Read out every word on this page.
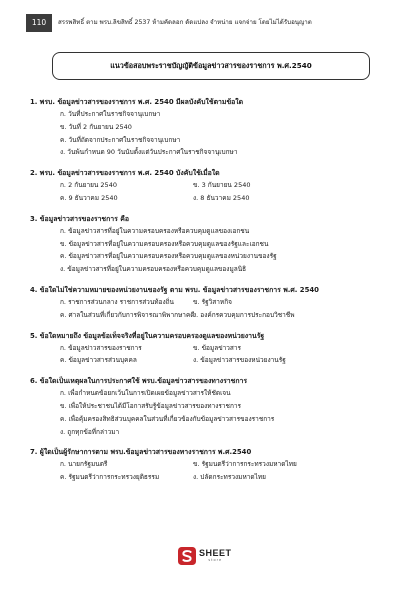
110	สรรพสิทธิ์ ตาม พรบ.ลิขสิทธิ์ 2537 ห้ามคัดลอก ดัดแปลง จำหน่าย แจกจ่าย โดยไม่ได้รับอนุญาต
แนวข้อสอบพระราชบัญญัติข้อมูลข่าวสารของราชการ พ.ศ.2540
1. พรบ. ข้อมูลข่าวสารของราชการ พ.ศ. 2540 มีผลบังคับใช้ตามข้อใด
ก. วันที่ประกาศในราชกิจจานุเบกษา
ข. วันที่ 2 กันยายน 2540
ค. วันที่ถัดจากประกาศในราชกิจจานุเบกษา
ง. วันพ้นกำหนด 90 วันนับตั้งแต่วันประกาศในราชกิจจานุเบกษา
2. พรบ. ข้อมูลข่าวสารของราชการ พ.ศ. 2540 บังคับใช้เมื่อใด
ก. 2 กันยายน 2540	ข. 3 กันยายน 2540
ค. 9 ธันวาคม 2540	ง. 8 ธันวาคม 2540
3. ข้อมูลข่าวสารของราชการ คือ
ก. ข้อมูลข่าวสารที่อยู่ในความครอบครองหรือควบคุมดูแลของเอกชน
ข. ข้อมูลข่าวสารที่อยู่ในความครอบครองหรือควบคุมดูแลของรัฐและเอกชน
ค. ข้อมูลข่าวสารที่อยู่ในความครอบครองหรือควบคุมดูแลของหน่วยงานของรัฐ
ง. ข้อมูลข่าวสารที่อยู่ในความครอบครองหรือควบคุมดูแลของมูลนิธิ
4. ข้อใดไม่ใช่ความหมายของหน่วยงานของรัฐ ตาม พรบ. ข้อมูลข่าวสารของราชการ พ.ศ. 2540
ก. ราชการส่วนกลาง ราชการส่วนท้องถิ่น	ข. รัฐวิสาหกิจ
ค. ศาลในส่วนที่เกี่ยวกับการพิจารณาพิพากษาคดี
ง. องค์กรควบคุมการประกอบวิชาชีพ
5. ข้อใดหมายถึง ข้อมูลข้อเท็จจริงที่อยู่ในความครอบครองดูแลของหน่วยงานรัฐ
ก. ข้อมูลข่าวสารของราชการ	ข. ข้อมูลข่าวสาร
ค. ข้อมูลข่าวสารส่วนบุคคล	ง. ข้อมูลข่าวสารของหน่วยงานรัฐ
6. ข้อใดเป็นเหตุผลในการประกาศใช้ พรบ.ข้อมูลข่าวสารของทางราชการ
ก. เพื่อกำหนดข้อยกเว้นในการเปิดเผยข้อมูลข่าวสารให้ชัดเจน
ข. เพื่อให้ประชาชนได้มีโอกาสรับรู้ข้อมูลข่าวสารของทางราชการ
ค. เพื่อคุ้มครองสิทธิส่วนบุคคลในส่วนที่เกี่ยวข้องกับข้อมูลข่าวสารของราชการ
ง. ถูกทุกข้อที่กล่าวมา
7. ผู้ใดเป็นผู้รักษาการตาม พรบ.ข้อมูลข่าวสารของทางราชการ พ.ศ.2540
ก. นายกรัฐมนตรี	ข. รัฐมนตรีว่าการกระทรวงมหาดไทย
ค. รัฐมนตรีว่าการกระทรวงยุติธรรม	ง. ปลัดกระทรวงมหาดไทย
SHEET
store
